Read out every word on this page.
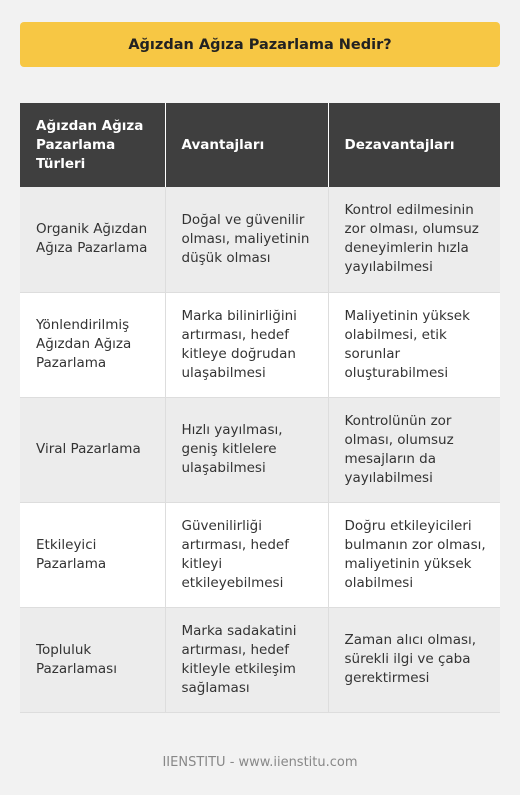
Ağızdan Ağıza Pazarlama Nedir?
Ağızdan Ağıza Pazarlama Türleri	Avantajları	Dezavantajları
Organik Ağızdan Ağıza Pazarlama	Doğal ve güvenilir olması, maliyetinin düşük olması	Kontrol edilmesinin zor olması, olumsuz deneyimlerin hızla yayılabilmesi
Yönlendirilmiş Ağızdan Ağıza Pazarlama	Marka bilinirliğini artırması, hedef kitleye doğrudan ulaşabilmesi	Maliyetinin yüksek olabilmesi, etik sorunlar oluşturabilmesi
Viral Pazarlama	Hızlı yayılması, geniş kitlelere ulaşabilmesi	Kontrolünün zor olması, olumsuz mesajların da yayılabilmesi
Etkileyici Pazarlama	Güvenilirliği artırması, hedef kitleyi etkileyebilmesi	Doğru etkileyicileri bulmanın zor olması, maliyetinin yüksek olabilmesi
Topluluk Pazarlaması	Marka sadakatini artırması, hedef kitleyle etkileşim sağlaması	Zaman alıcı olması, sürekli ilgi ve çaba gerektirmesi
IIENSTITU - www.iienstitu.com
